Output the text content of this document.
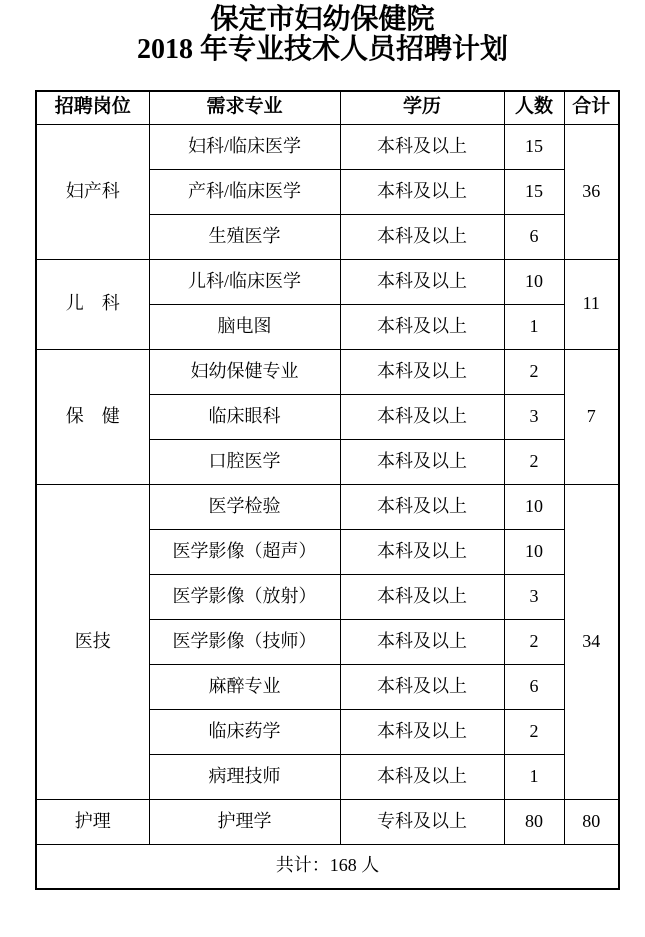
保定市妇幼保健院
2018 年专业技术人员招聘计划
招聘岗位	需求专业	学历	人数	合计
妇产科	妇科/临床医学	本科及以上	15	36
	产科/临床医学	本科及以上	15	
	生殖医学	本科及以上	6	
儿　科	儿科/临床医学	本科及以上	10	11
	脑电图	本科及以上	1	
保　健	妇幼保健专业	本科及以上	2	7
	临床眼科	本科及以上	3	
	口腔医学	本科及以上	2	
医技	医学检验	本科及以上	10	34
	医学影像（超声）	本科及以上	10	
	医学影像（放射）	本科及以上	3	
	医学影像（技师）	本科及以上	2	
	麻醉专业	本科及以上	6	
	临床药学	本科及以上	2	
	病理技师	本科及以上	1	
护理	护理学	专科及以上	80	80
共计：168 人				
